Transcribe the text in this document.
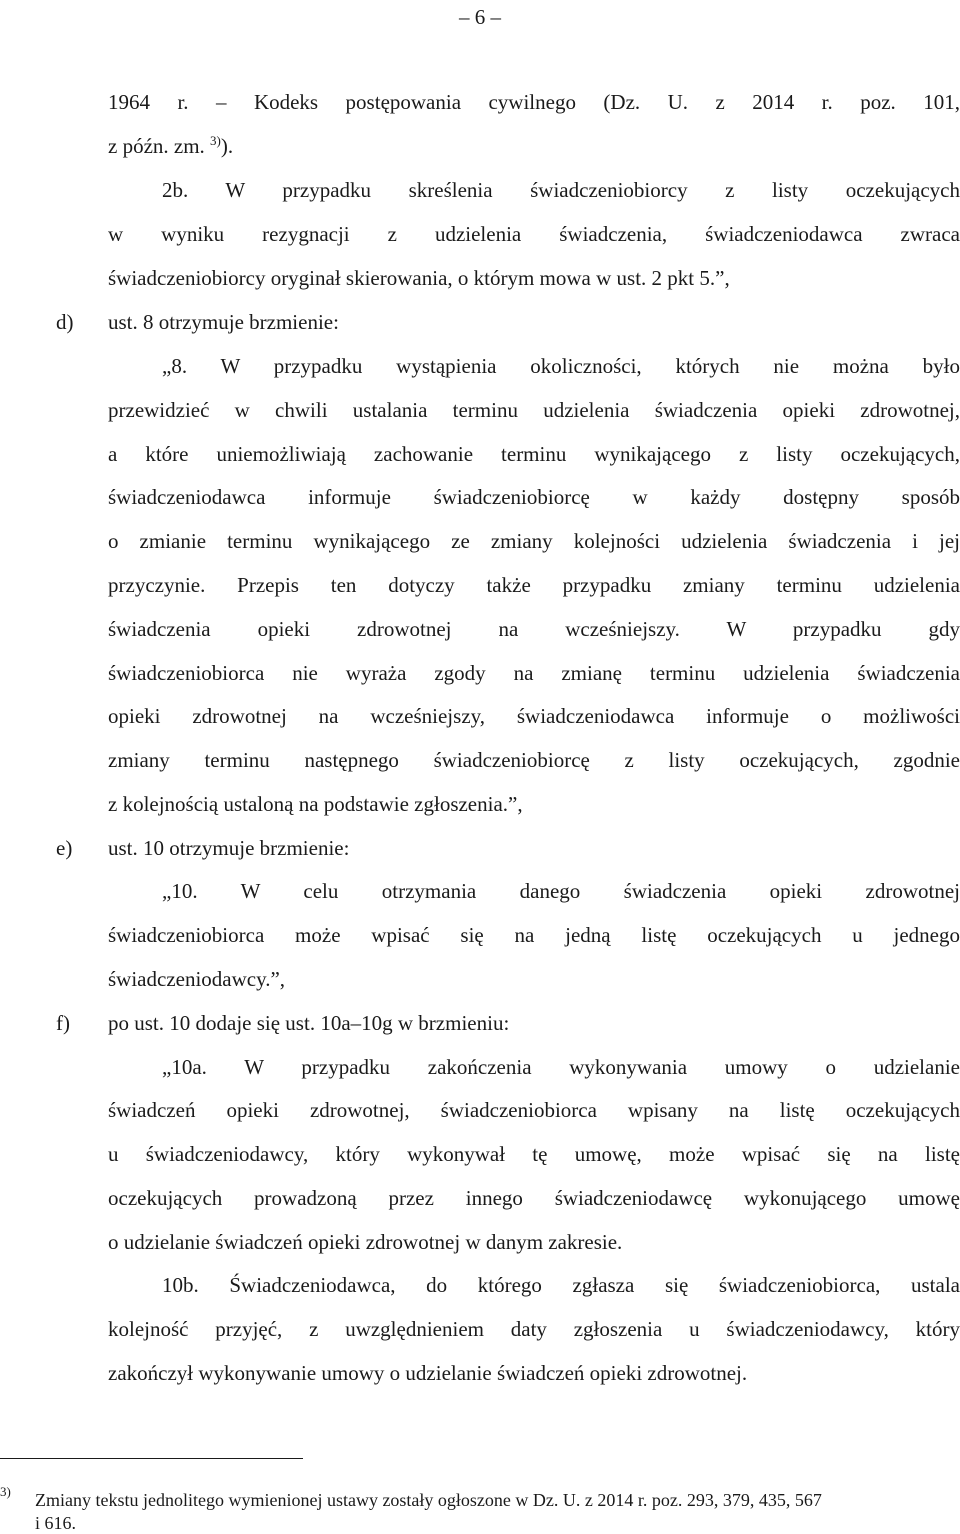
– 6 –
1964 r. – Kodeks postępowania cywilnego (Dz. U. z 2014 r. poz. 101,
z późn. zm. $^{3)}$).
2b. W przypadku skreślenia świadczeniobiorcy z listy oczekujących
w wyniku rezygnacji z udzielenia świadczenia, świadczeniodawca zwraca
świadczeniobiorcy oryginał skierowania, o którym mowa w ust. 2 pkt 5.”,
d) ust. 8 otrzymuje brzmienie:
„8. W przypadku wystąpienia okoliczności, których nie można było
przewidzieć w chwili ustalania terminu udzielenia świadczenia opieki zdrowotnej,
a które uniemożliwiają zachowanie terminu wynikającego z listy oczekujących,
świadczeniodawca informuje świadczeniobiorcę w każdy dostępny sposób
o zmianie terminu wynikającego ze zmiany kolejności udzielenia świadczenia i jej
przyczynie. Przepis ten dotyczy także przypadku zmiany terminu udzielenia
świadczenia opieki zdrowotnej na wcześniejszy. W przypadku gdy
świadczeniobiorca nie wyraża zgody na zmianę terminu udzielenia świadczenia
opieki zdrowotnej na wcześniejszy, świadczeniodawca informuje o możliwości
zmiany terminu następnego świadczeniobiorcę z listy oczekujących, zgodnie
z kolejnością ustaloną na podstawie zgłoszenia.”,
e) ust. 10 otrzymuje brzmienie:
„10. W celu otrzymania danego świadczenia opieki zdrowotnej
świadczeniobiorca może wpisać się na jedną listę oczekujących u jednego
świadczeniodawcy.”,
f) po ust. 10 dodaje się ust. 10a–10g w brzmieniu:
„10a. W przypadku zakończenia wykonywania umowy o udzielanie
świadczeń opieki zdrowotnej, świadczeniobiorca wpisany na listę oczekujących
u świadczeniodawcy, który wykonywał tę umowę, może wpisać się na listę
oczekujących prowadzoną przez innego świadczeniodawcę wykonującego umowę
o udzielanie świadczeń opieki zdrowotnej w danym zakresie.
10b. Świadczeniodawca, do którego zgłasza się świadczeniobiorca, ustala
kolejność przyjęć, z uwzględnieniem daty zgłoszenia u świadczeniodawcy, który
zakończył wykonywanie umowy o udzielanie świadczeń opieki zdrowotnej.
3) Zmiany tekstu jednolitego wymienionej ustawy zostały ogłoszone w Dz. U. z 2014 r. poz. 293, 379, 435, 567
i 616.
